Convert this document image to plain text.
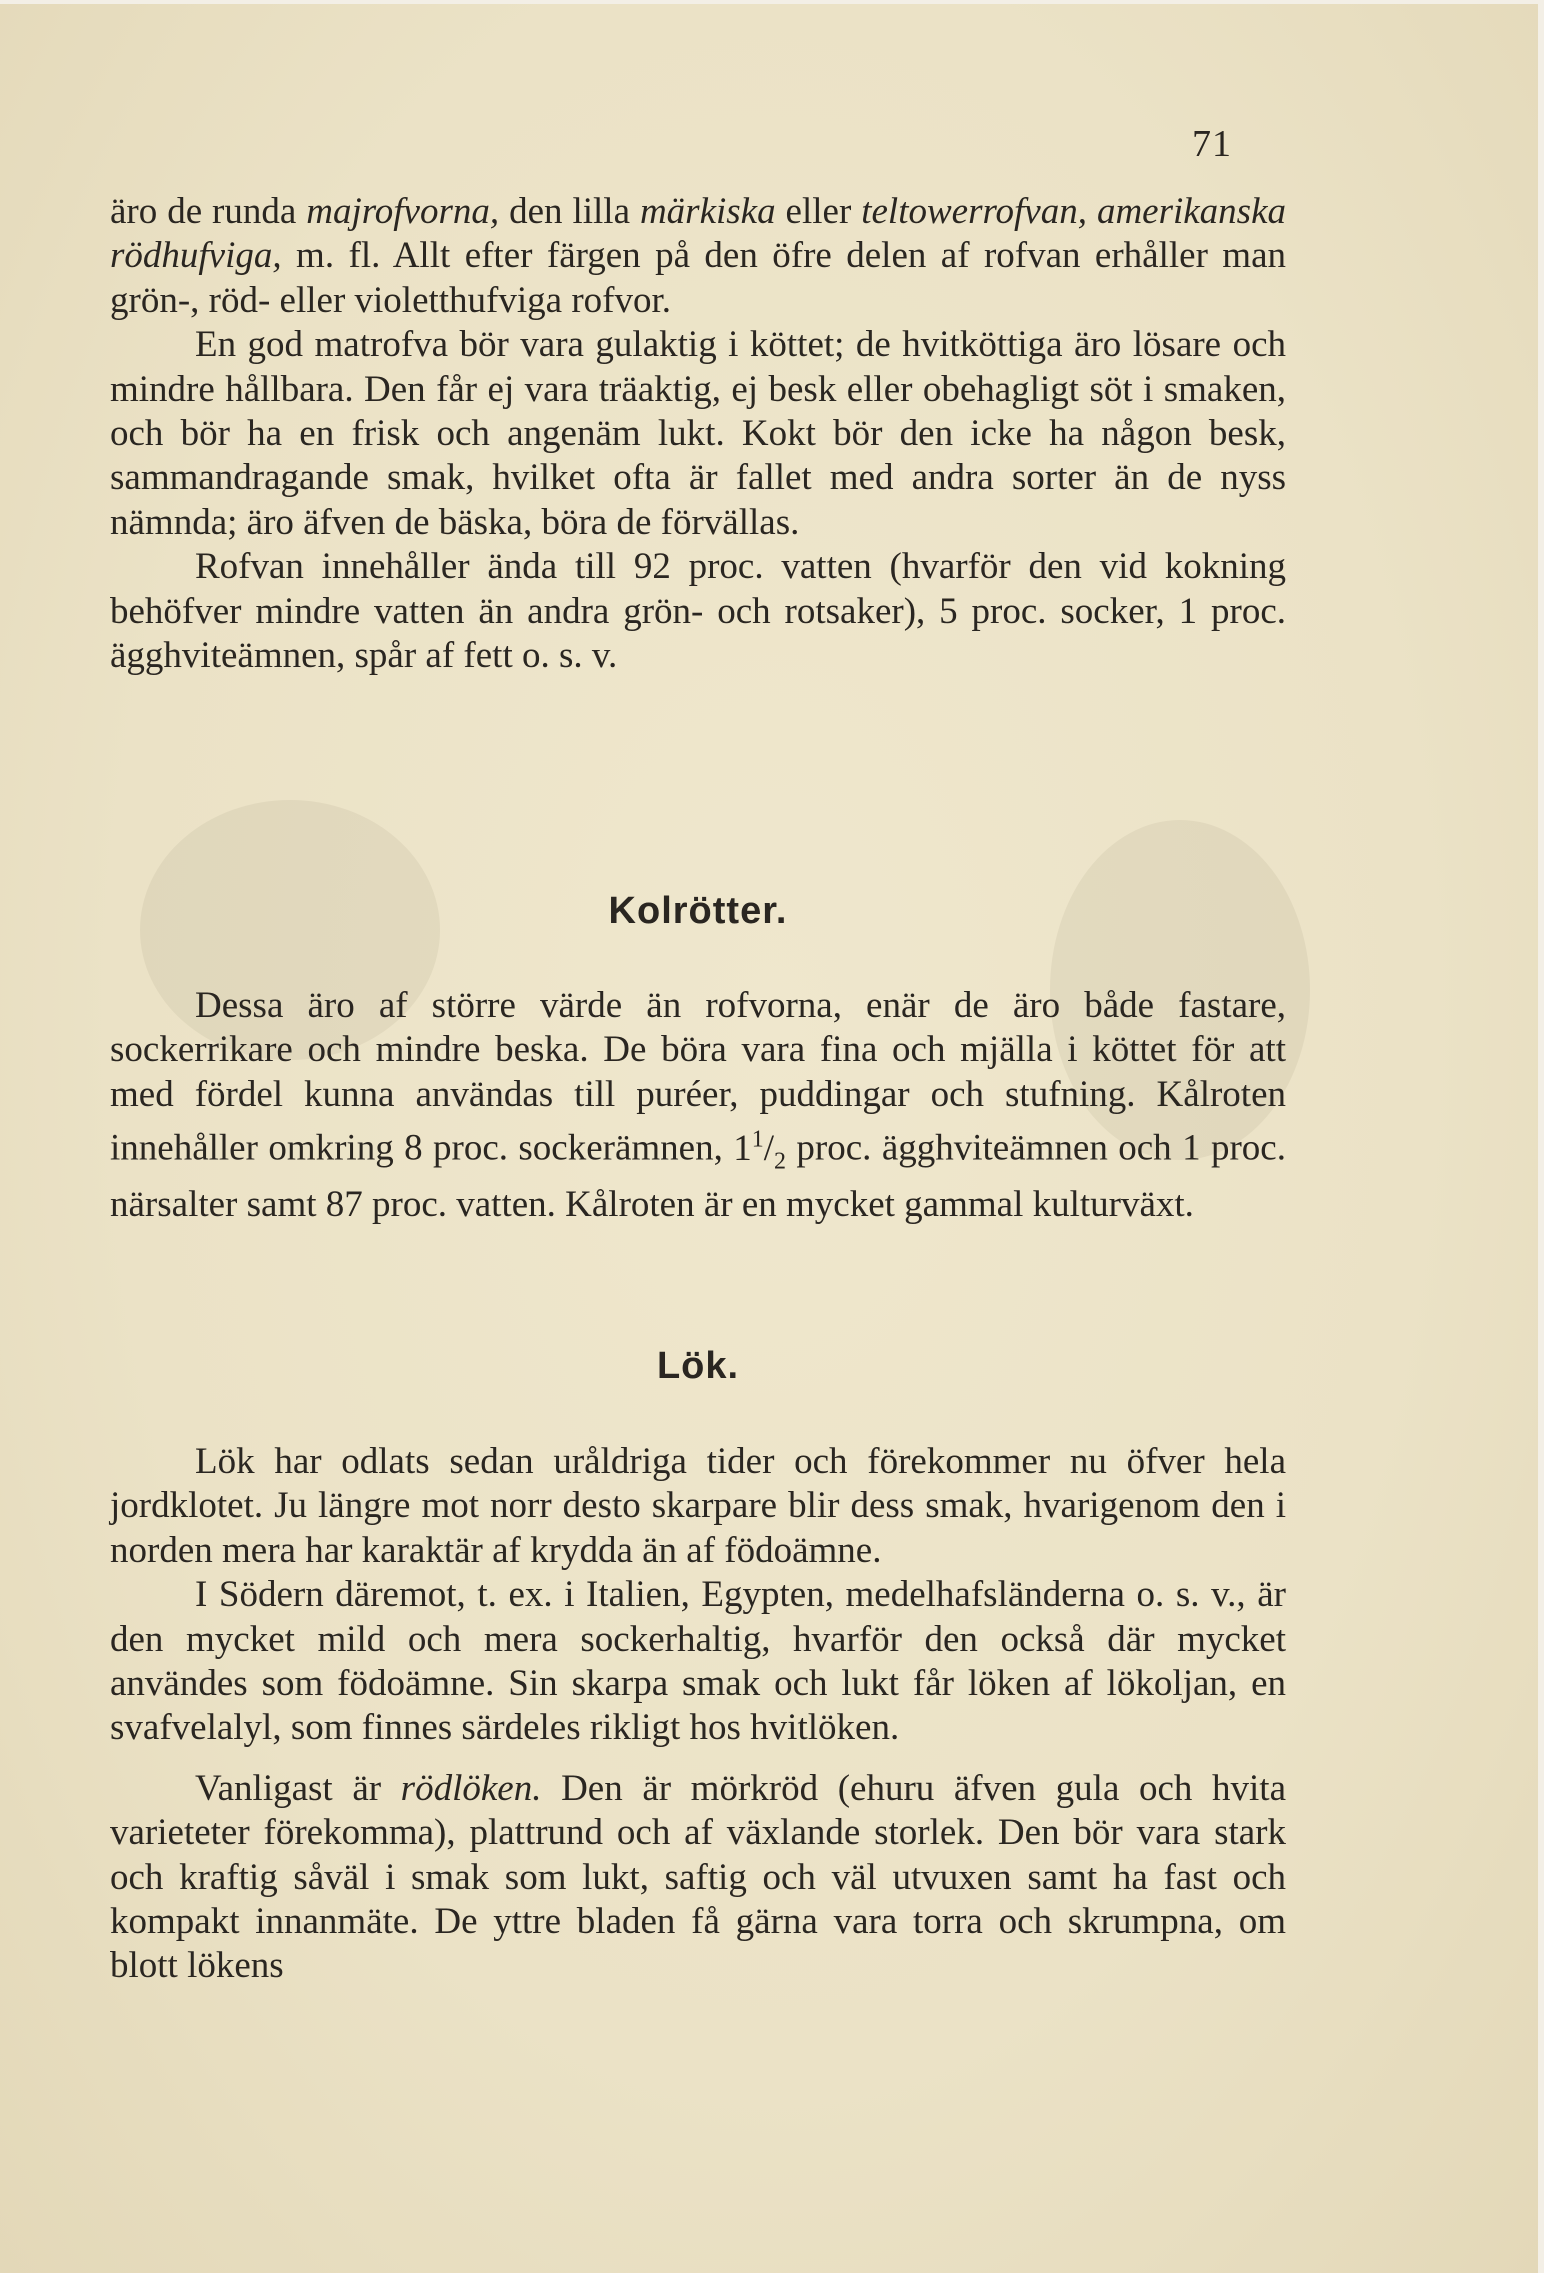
71

äro de runda majrofvorna, den lilla märkiska eller teltowerrofvan, amerikanska rödhufviga, m. fl. Allt efter färgen på den öfre delen af rofvan erhåller man grön-, röd- eller violetthufviga rofvor.

En god matrofva bör vara gulaktig i köttet; de hvitköttiga äro lösare och mindre hållbara. Den får ej vara träaktig, ej besk eller obehagligt söt i smaken, och bör ha en frisk och angenäm lukt. Kokt bör den icke ha någon besk, sammandragande smak, hvilket ofta är fallet med andra sorter än de nyss nämnda; äro äfven de bäska, böra de förvällas.

Rofvan innehåller ända till 92 proc. vatten (hvarför den vid kokning behöfver mindre vatten än andra grön- och rotsaker), 5 proc. socker, 1 proc. ägghviteämnen, spår af fett o. s. v.

Kolrötter.

Dessa äro af större värde än rofvorna, enär de äro både fastare, sockerrikare och mindre beska. De böra vara fina och mjälla i köttet för att med fördel kunna användas till puréer, puddingar och stufning. Kålroten innehåller omkring 8 proc. sockerämnen, $1^1/_2$ proc. ägghviteämnen och 1 proc. närsalter samt 87 proc. vatten. Kålroten är en mycket gammal kulturväxt.

Lök.

Lök har odlats sedan uråldriga tider och förekommer nu öfver hela jordklotet. Ju längre mot norr desto skarpare blir dess smak, hvarigenom den i norden mera har karaktär af krydda än af födoämne.

I Södern däremot, t. ex. i Italien, Egypten, medelhafsländerna o. s. v., är den mycket mild och mera sockerhaltig, hvarför den också där mycket användes som födoämne. Sin skarpa smak och lukt får löken af lökoljan, en svafvelalyl, som finnes särdeles rikligt hos hvitlöken.

Vanligast är rödlöken. Den är mörkröd (ehuru äfven gula och hvita varieteter förekomma), plattrund och af växlande storlek. Den bör vara stark och kraftig såväl i smak som lukt, saftig och väl utvuxen samt ha fast och kompakt innanmäte. De yttre bladen få gärna vara torra och skrumpna, om blott lökens
